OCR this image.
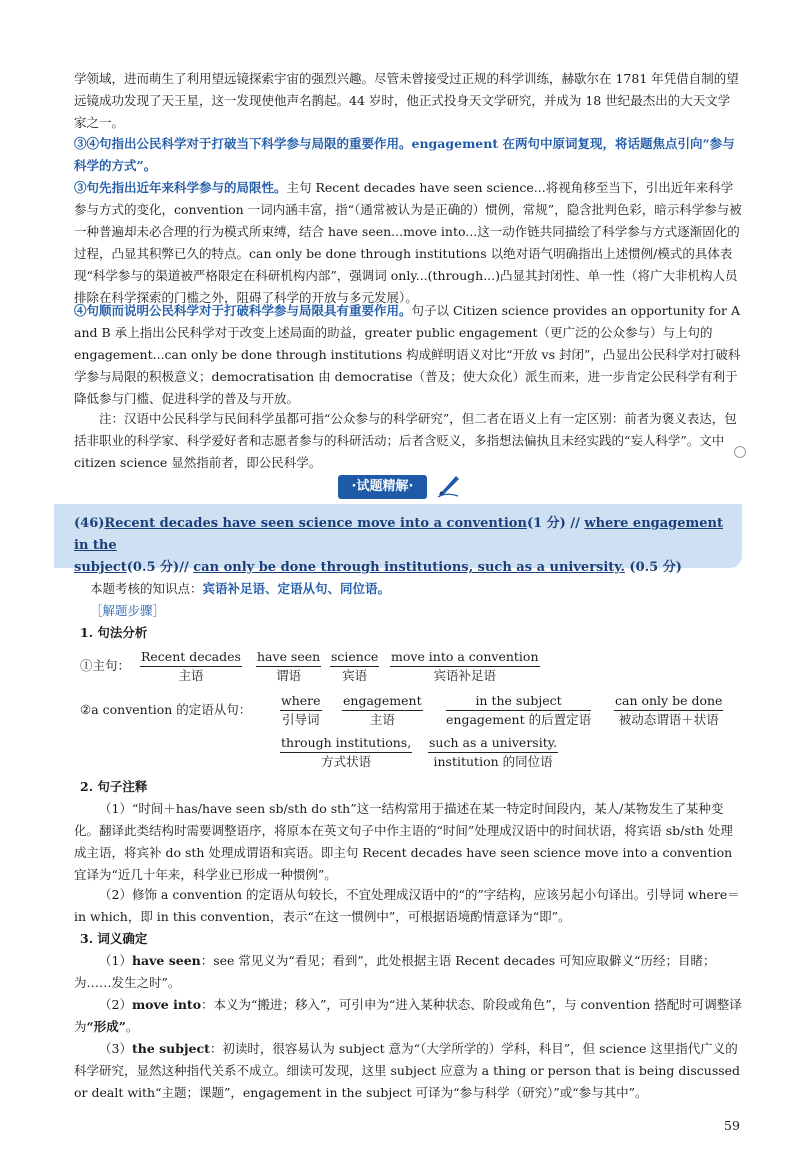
学领域，进而萌生了利用望远镜探索宇宙的强烈兴趣。尽管未曾接受过正规的科学训练，赫歇尔在 1781 年凭借自制的望远镜成功发现了天王星，这一发现使他声名鹊起。44 岁时，他正式投身天文学研究，并成为 18 世纪最杰出的大天文学家之一。
③④句指出公民科学对于打破当下科学参与局限的重要作用。engagement 在两句中原词复现，将话题焦点引向“参与科学的方式”。
③句先指出近年来科学参与的局限性。主句 Recent decades have seen science...将视角移至当下，引出近年来科学参与方式的变化，convention 一词内涵丰富，指“（通常被认为是正确的）惯例，常规”，隐含批判色彩，暗示科学参与被一种普遍却未必合理的行为模式所束缚，结合 have seen...move into...这一动作链共同描绘了科学参与方式逐渐固化的过程，凸显其积弊已久的特点。can only be done through institutions 以绝对语气明确指出上述惯例/模式的具体表现“科学参与的渠道被严格限定在科研机构内部”，强调词 only...(through...)凸显其封闭性、单一性（将广大非机构人员排除在科学探索的门槛之外，阻碍了科学的开放与多元发展）。
④句顺而说明公民科学对于打破科学参与局限具有重要作用。句子以 Citizen science provides an opportunity for A and B 承上指出公民科学对于改变上述局面的助益，greater public engagement（更广泛的公众参与）与上句的 engagement...can only be done through institutions 构成鲜明语义对比“开放 vs 封闭”，凸显出公民科学对打破科学参与局限的积极意义；democratisation 由 democratise（普及；使大众化）派生而来，进一步肯定公民科学有利于降低参与门槛、促进科学的普及与开放。
注：汉语中公民科学与民间科学虽都可指“公众参与的科学研究”，但二者在语义上有一定区别：前者为褒义表达，包括非职业的科学家、科学爱好者和志愿者参与的科研活动；后者含贬义，多指想法偏执且未经实践的“妄人科学”。文中 citizen science 显然指前者，即公民科学。
·试题精解·
(46)Recent decades have seen science move into a convention(1 分) // where engagement in the
subject(0.5 分)// can only be done through institutions, such as a university. (0.5 分)
本题考核的知识点：宾语补足语、定语从句、同位语。
［解题步骤］
1. 句法分析
①主句：
Recent decades
主语
have seen
谓语
science
宾语
move into a convention
宾语补足语
②a convention 的定语从句：
where
引导词
engagement
主语
in the subject
engagement 的后置定语
can only be done
被动态谓语＋状语
through institutions,
方式状语
such as a university.
institution 的同位语
2. 句子注释
（1）“时间＋has/have seen sb/sth do sth”这一结构常用于描述在某一特定时间段内，某人/某物发生了某种变化。翻译此类结构时需要调整语序，将原本在英文句子中作主语的“时间”处理成汉语中的时间状语，将宾语 sb/sth 处理成主语，将宾补 do sth 处理成谓语和宾语。即主句 Recent decades have seen science move into a convention 宜译为“近几十年来，科学业已形成一种惯例”。
（2）修饰 a convention 的定语从句较长，不宜处理成汉语中的“的”字结构，应该另起小句译出。引导词 where＝in which，即 in this convention，表示“在这一惯例中”，可根据语境酌情意译为“即”。
3. 词义确定
（1）have seen：see 常见义为“看见；看到”，此处根据主语 Recent decades 可知应取僻义“历经；目睹；为……发生之时”。
（2）move into：本义为“搬进；移入”，可引申为“进入某种状态、阶段或角色”，与 convention 搭配时可调整译为“形成”。
（3）the subject：初读时，很容易认为 subject 意为“（大学所学的）学科，科目”，但 science 这里指代广义的科学研究，显然这种指代关系不成立。细读可发现，这里 subject 应意为 a thing or person that is being discussed or dealt with“主题；课题”，engagement in the subject 可译为“参与科学（研究）”或“参与其中”。
59
